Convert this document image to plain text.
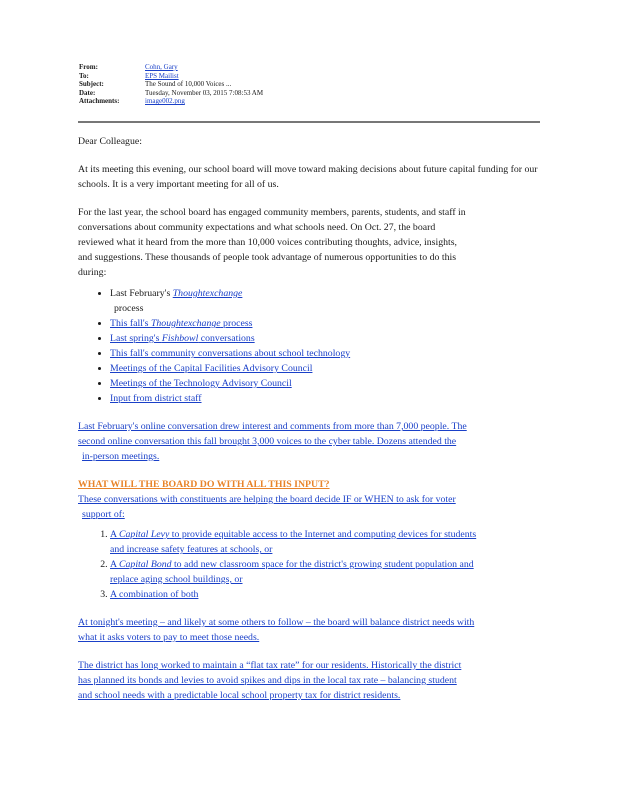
From:	Cohn, Gary
To:	EPS Mailist
Subject:	The Sound of 10,000 Voices ...
Date:	Tuesday, November 03, 2015 7:08:53 AM
Attachments:	image002.png

Dear Colleague:

At its meeting this evening, our school board will move toward making decisions about future capital funding for our schools. It is a very important meeting for all of us.

For the last year, the school board has engaged community members, parents, students, and staff in

conversations about community expectations and what schools need. On Oct. 27, the board

reviewed what it heard from the more than 10,000 voices contributing thoughts, advice, insights,

and suggestions. These thousands of people took advantage of numerous opportunities to do this

during:

• Last February's Thoughtexchange
process
• This fall's Thoughtexchange process
• Last spring's Fishbowl conversations
• This fall's community conversations about school technology
• Meetings of the Capital Facilities Advisory Council
• Meetings of the Technology Advisory Council
• Input from district staff

Last February's online conversation drew interest and comments from more than 7,000 people. The

second online conversation this fall brought 3,000 voices to the cyber table. Dozens attended the

in-person meetings.

WHAT WILL THE BOARD DO WITH ALL THIS INPUT?

These conversations with constituents are helping the board decide IF or WHEN to ask for voter

support of:

1. A Capital Levy to provide equitable access to the Internet and computing devices for students
and increase safety features at schools, or
2. A Capital Bond to add new classroom space for the district's growing student population and
replace aging school buildings, or
3. A combination of both

At tonight's meeting – and likely at some others to follow – the board will balance district needs with

what it asks voters to pay to meet those needs.

The district has long worked to maintain a “flat tax rate” for our residents. Historically the district

has planned its bonds and levies to avoid spikes and dips in the local tax rate – balancing student

and school needs with a predictable local school property tax for district residents.
